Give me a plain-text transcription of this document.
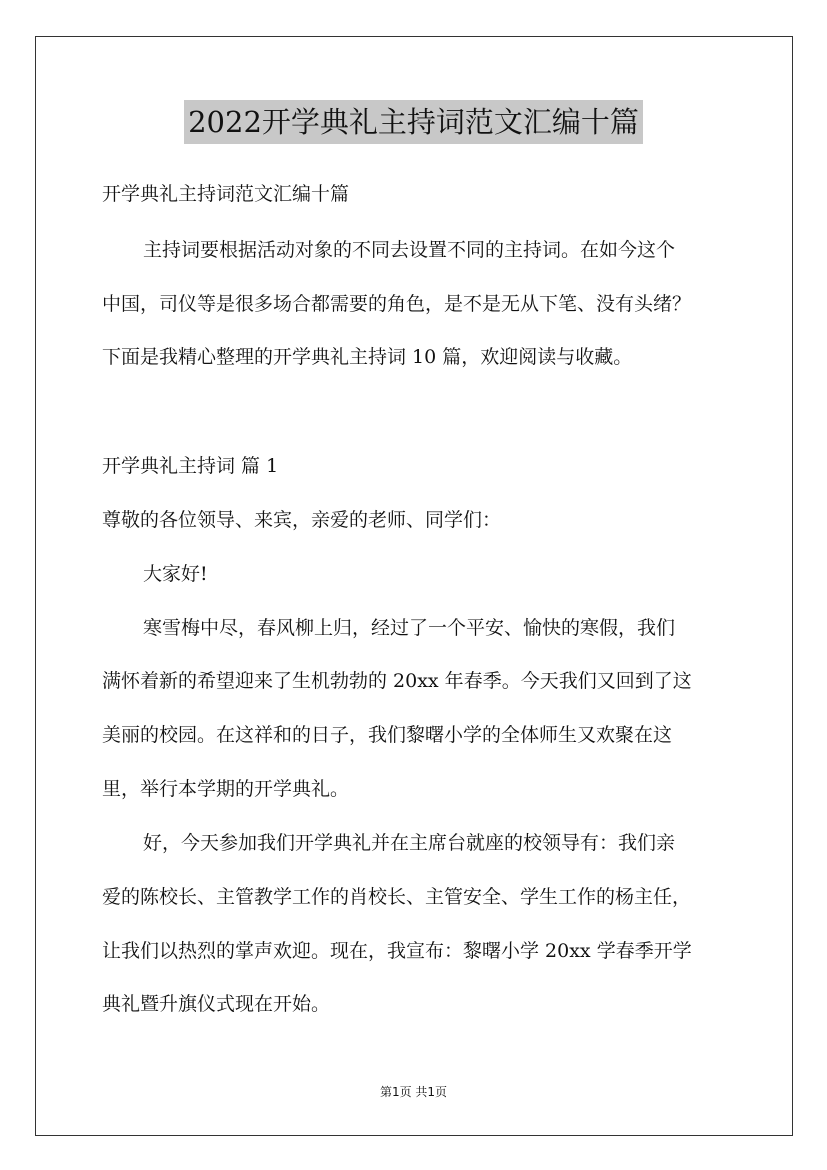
2022开学典礼主持词范文汇编十篇
开学典礼主持词范文汇编十篇
主持词要根据活动对象的不同去设置不同的主持词。在如今这个
中国，司仪等是很多场合都需要的角色，是不是无从下笔、没有头绪？
下面是我精心整理的开学典礼主持词 10 篇，欢迎阅读与收藏。
开学典礼主持词 篇 1
尊敬的各位领导、来宾，亲爱的老师、同学们：
大家好!
寒雪梅中尽，春风柳上归，经过了一个平安、愉快的寒假，我们
满怀着新的希望迎来了生机勃勃的 20xx 年春季。今天我们又回到了这
美丽的校园。在这祥和的日子，我们黎曙小学的全体师生又欢聚在这
里，举行本学期的开学典礼。
好，今天参加我们开学典礼并在主席台就座的校领导有：我们亲
爱的陈校长、主管教学工作的肖校长、主管安全、学生工作的杨主任，
让我们以热烈的掌声欢迎。现在，我宣布：黎曙小学 20xx 学春季开学
典礼暨升旗仪式现在开始。
第1页 共1页
